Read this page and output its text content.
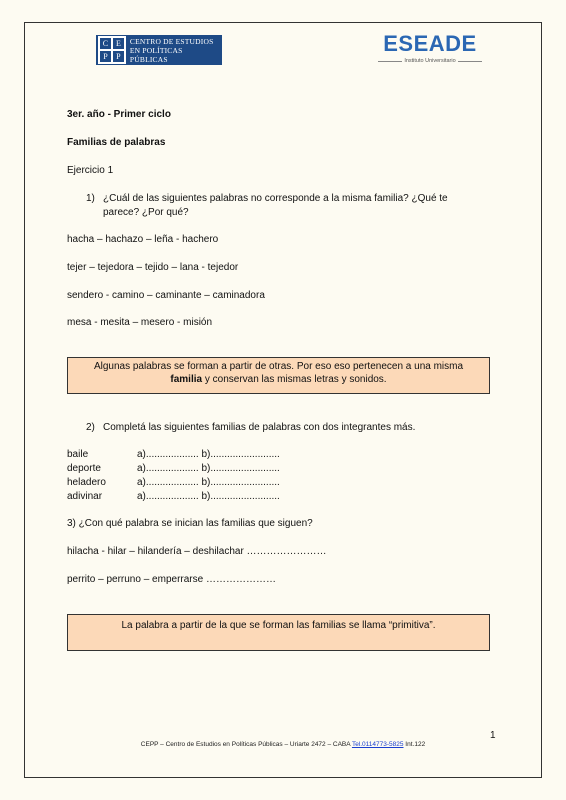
C E
P	P
CENTRO DE ESTUDIOS
EN POLÍTICAS PÚBLICAS
ESEADE
Instituto Universitario
3er. año - Primer ciclo
Familias de palabras
Ejercicio 1
1) ¿Cuál de las siguientes palabras no corresponde a la misma familia? ¿Qué te
parece? ¿Por qué?
hacha – hachazo – leña - hachero
tejer – tejedora – tejido – lana - tejedor
sendero - camino – caminante – caminadora
mesa - mesita – mesero - misión
Algunas palabras se forman a partir de otras. Por eso eso pertenecen a una misma
familia y conservan las mismas letras y sonidos.
2) Completá las siguientes familias de palabras con dos integrantes más.
baile	a)................... b).........................
deporte	a)................... b).........................
heladero	a)................... b).........................
adivinar	a)................... b).........................
3) ¿Con qué palabra se inician las familias que siguen?
hilacha - hilar – hilandería – deshilachar ……………………
perrito – perruno – emperrarse …………………
La palabra a partir de la que se forman las familias se llama “primitiva”.
1
CEPP – Centro de Estudios en Políticas Públicas – Uriarte 2472 – CABA Tel.0114773-5825 Int.122
